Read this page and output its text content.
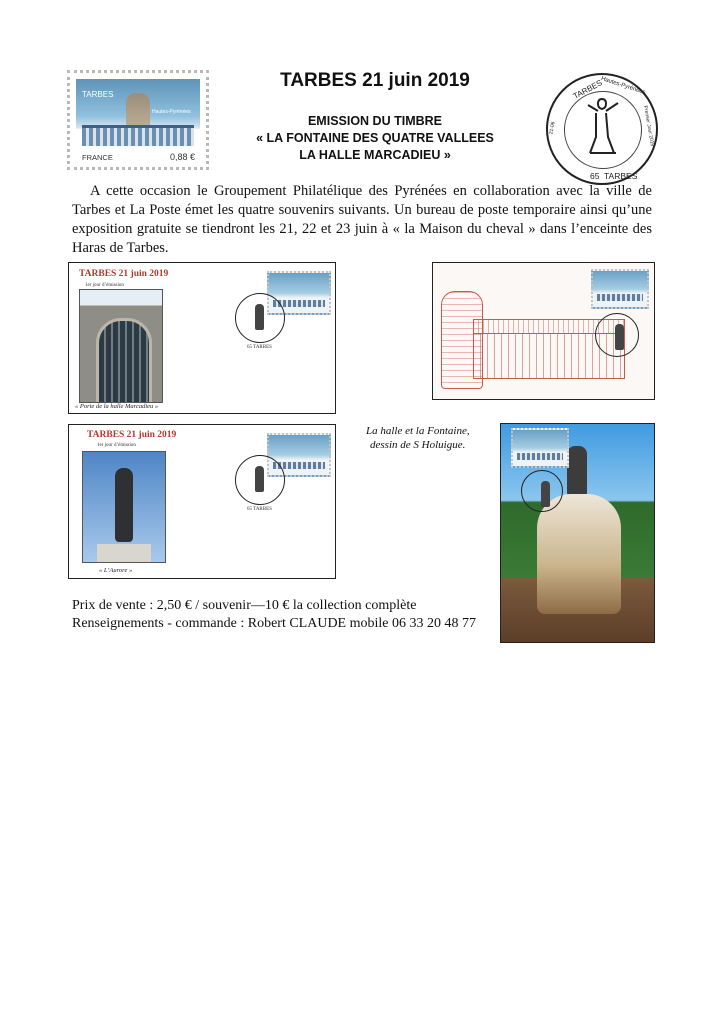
TARBES
Hautes-Pyrénées
FRANCE	0,88 €
TARBES 21 juin 2019
EMISSION DU TIMBRE
« LA FONTAINE DES QUATRE VALLEES
LA HALLE MARCADIEU »
TARBES
Hautes-Pyrénées
Premier Jour 2019
21-06
65 TARBES
A cette occasion le Groupement Philatélique des Pyrénées en collaboration avec la ville de Tarbes et La Poste émet les quatre souvenirs suivants. Un bureau de poste temporaire ainsi qu’une exposition gratuite se tiendront les 21, 22 et 23 juin à « la Maison du cheval » dans l’enceinte des Haras de Tarbes.
TARBES 21 juin 2019
1er jour d’émission
65 TARBES
« Porte de la halle Marcadieu »
TARBES 21 juin 2019
1er jour d’émission
65 TARBES
« L’Aurore »
La halle et la Fontaine,
dessin de S Holuigue.
Prix de vente : 2,50 € / souvenir—10 € la collection complète
Renseignements - commande : Robert CLAUDE mobile 06 33 20 48 77
